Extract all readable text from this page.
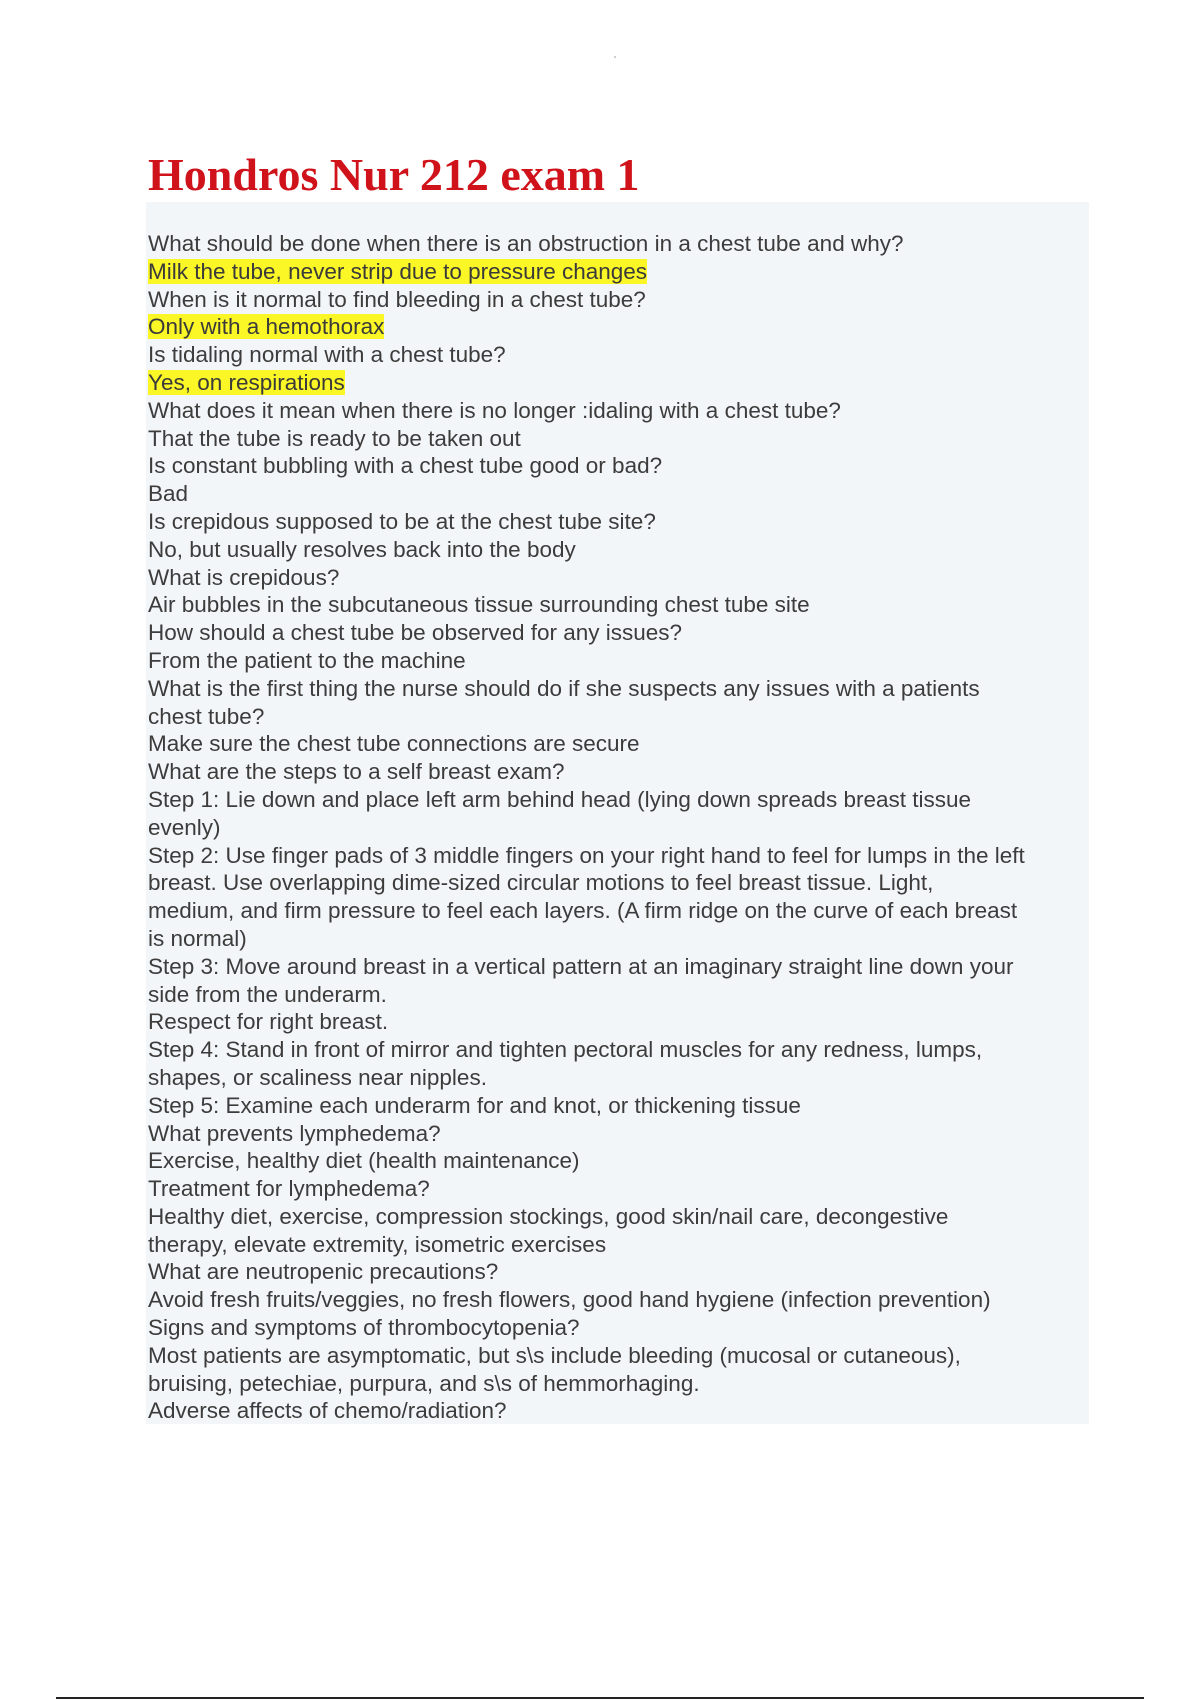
Hondros Nur 212 exam 1
What should be done when there is an obstruction in a chest tube and why?
Milk the tube, never strip due to pressure changes
When is it normal to find bleeding in a chest tube?
Only with a hemothorax
Is tidaling normal with a chest tube?
Yes, on respirations
What does it mean when there is no longer :idaling with a chest tube?
That the tube is ready to be taken out
Is constant bubbling with a chest tube good or bad?
Bad
Is crepidous supposed to be at the chest tube site?
No, but usually resolves back into the body
What is crepidous?
Air bubbles in the subcutaneous tissue surrounding chest tube site
How should a chest tube be observed for any issues?
From the patient to the machine
What is the first thing the nurse should do if she suspects any issues with a patients
chest tube?
Make sure the chest tube connections are secure
What are the steps to a self breast exam?
Step 1: Lie down and place left arm behind head (lying down spreads breast tissue
evenly)
Step 2: Use finger pads of 3 middle fingers on your right hand to feel for lumps in the left
breast. Use overlapping dime-sized circular motions to feel breast tissue. Light,
medium, and firm pressure to feel each layers. (A firm ridge on the curve of each breast
is normal)
Step 3: Move around breast in a vertical pattern at an imaginary straight line down your
side from the underarm.
Respect for right breast.
Step 4: Stand in front of mirror and tighten pectoral muscles for any redness, lumps,
shapes, or scaliness near nipples.
Step 5: Examine each underarm for and knot, or thickening tissue
What prevents lymphedema?
Exercise, healthy diet (health maintenance)
Treatment for lymphedema?
Healthy diet, exercise, compression stockings, good skin/nail care, decongestive
therapy, elevate extremity, isometric exercises
What are neutropenic precautions?
Avoid fresh fruits/veggies, no fresh flowers, good hand hygiene (infection prevention)
Signs and symptoms of thrombocytopenia?
Most patients are asymptomatic, but s\s include bleeding (mucosal or cutaneous),
bruising, petechiae, purpura, and s\s of hemmorhaging.
Adverse affects of chemo/radiation?
